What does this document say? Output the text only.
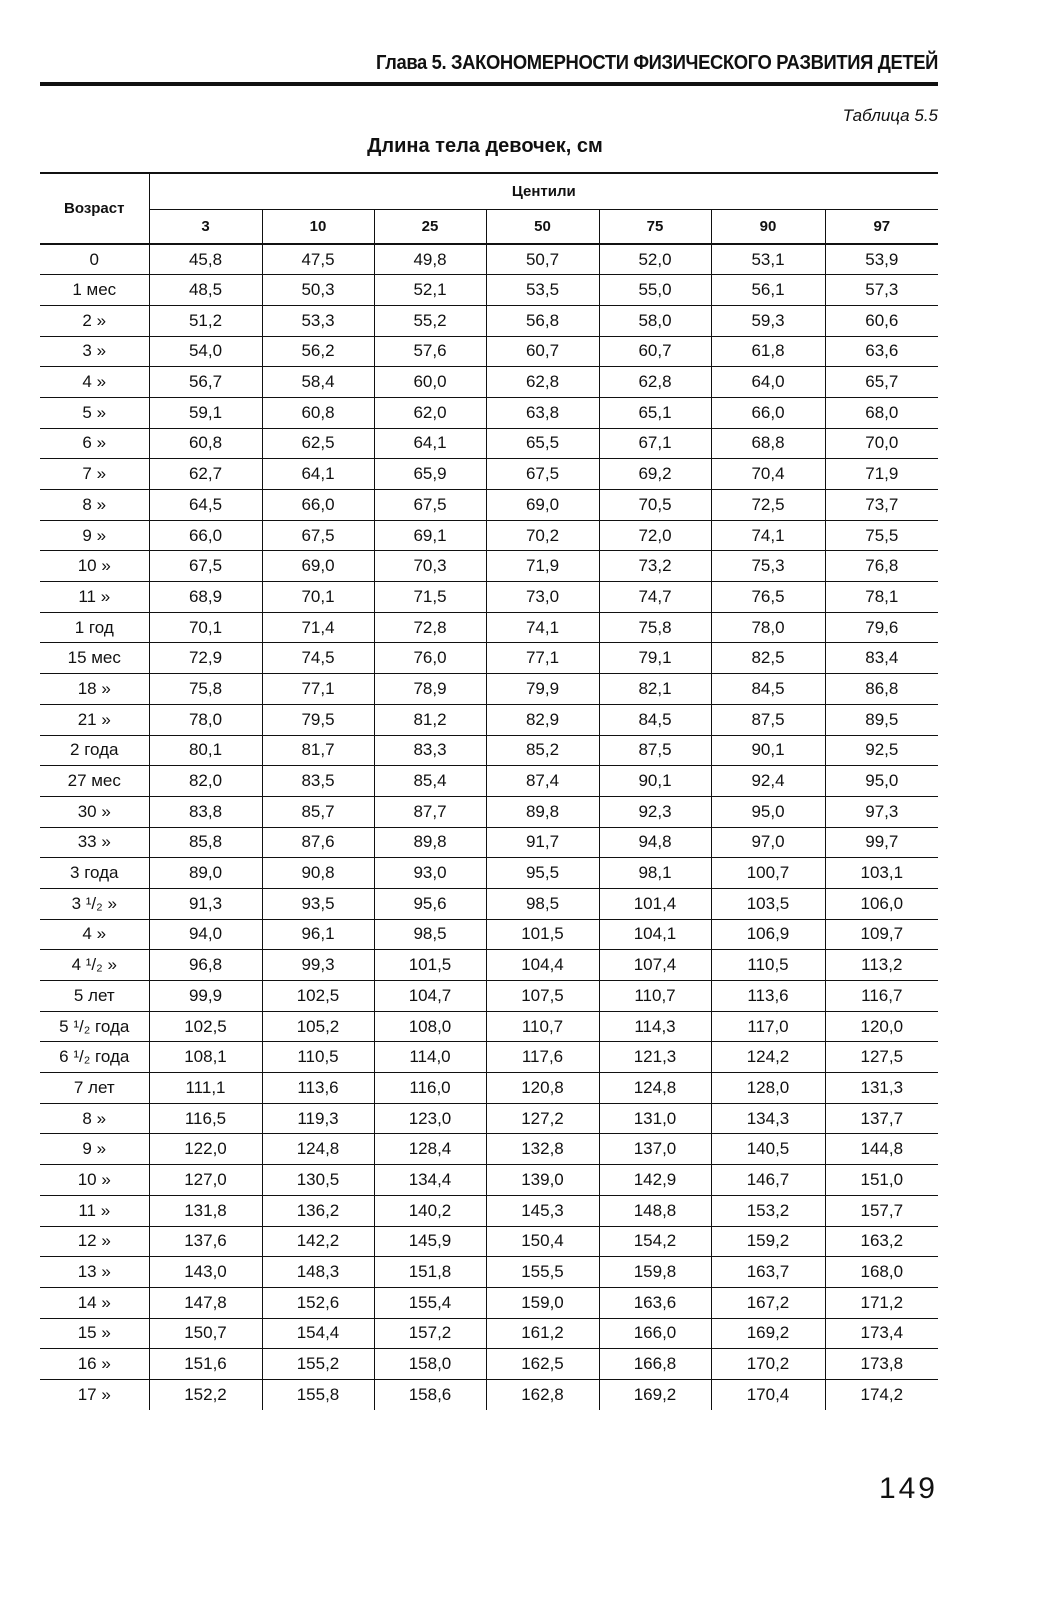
Глава 5. ЗАКОНОМЕРНОСТИ ФИЗИЧЕСКОГО РАЗВИТИЯ ДЕТЕЙ
Таблица 5.5
Длина тела девочек, см
Возраст	Центили						
	3	10	25	50	75	90	97
0	45,8	47,5	49,8	50,7	52,0	53,1	53,9
1 мес	48,5	50,3	52,1	53,5	55,0	56,1	57,3
2 »	51,2	53,3	55,2	56,8	58,0	59,3	60,6
3 »	54,0	56,2	57,6	60,7	60,7	61,8	63,6
4 »	56,7	58,4	60,0	62,8	62,8	64,0	65,7
5 »	59,1	60,8	62,0	63,8	65,1	66,0	68,0
6 »	60,8	62,5	64,1	65,5	67,1	68,8	70,0
7 »	62,7	64,1	65,9	67,5	69,2	70,4	71,9
8 »	64,5	66,0	67,5	69,0	70,5	72,5	73,7
9 »	66,0	67,5	69,1	70,2	72,0	74,1	75,5
10 »	67,5	69,0	70,3	71,9	73,2	75,3	76,8
11 »	68,9	70,1	71,5	73,0	74,7	76,5	78,1
1 год	70,1	71,4	72,8	74,1	75,8	78,0	79,6
15 мес	72,9	74,5	76,0	77,1	79,1	82,5	83,4
18 »	75,8	77,1	78,9	79,9	82,1	84,5	86,8
21 »	78,0	79,5	81,2	82,9	84,5	87,5	89,5
2 года	80,1	81,7	83,3	85,2	87,5	90,1	92,5
27 мес	82,0	83,5	85,4	87,4	90,1	92,4	95,0
30 »	83,8	85,7	87,7	89,8	92,3	95,0	97,3
33 »	85,8	87,6	89,8	91,7	94,8	97,0	99,7
3 года	89,0	90,8	93,0	95,5	98,1	100,7	103,1
3 ¹/₂ »	91,3	93,5	95,6	98,5	101,4	103,5	106,0
4 »	94,0	96,1	98,5	101,5	104,1	106,9	109,7
4 ¹/₂ »	96,8	99,3	101,5	104,4	107,4	110,5	113,2
5 лет	99,9	102,5	104,7	107,5	110,7	113,6	116,7
5 ¹/₂ года	102,5	105,2	108,0	110,7	114,3	117,0	120,0
6 ¹/₂ года	108,1	110,5	114,0	117,6	121,3	124,2	127,5
7 лет	111,1	113,6	116,0	120,8	124,8	128,0	131,3
8 »	116,5	119,3	123,0	127,2	131,0	134,3	137,7
9 »	122,0	124,8	128,4	132,8	137,0	140,5	144,8
10 »	127,0	130,5	134,4	139,0	142,9	146,7	151,0
11 »	131,8	136,2	140,2	145,3	148,8	153,2	157,7
12 »	137,6	142,2	145,9	150,4	154,2	159,2	163,2
13 »	143,0	148,3	151,8	155,5	159,8	163,7	168,0
14 »	147,8	152,6	155,4	159,0	163,6	167,2	171,2
15 »	150,7	154,4	157,2	161,2	166,0	169,2	173,4
16 »	151,6	155,2	158,0	162,5	166,8	170,2	173,8
17 »	152,2	155,8	158,6	162,8	169,2	170,4	174,2
149
